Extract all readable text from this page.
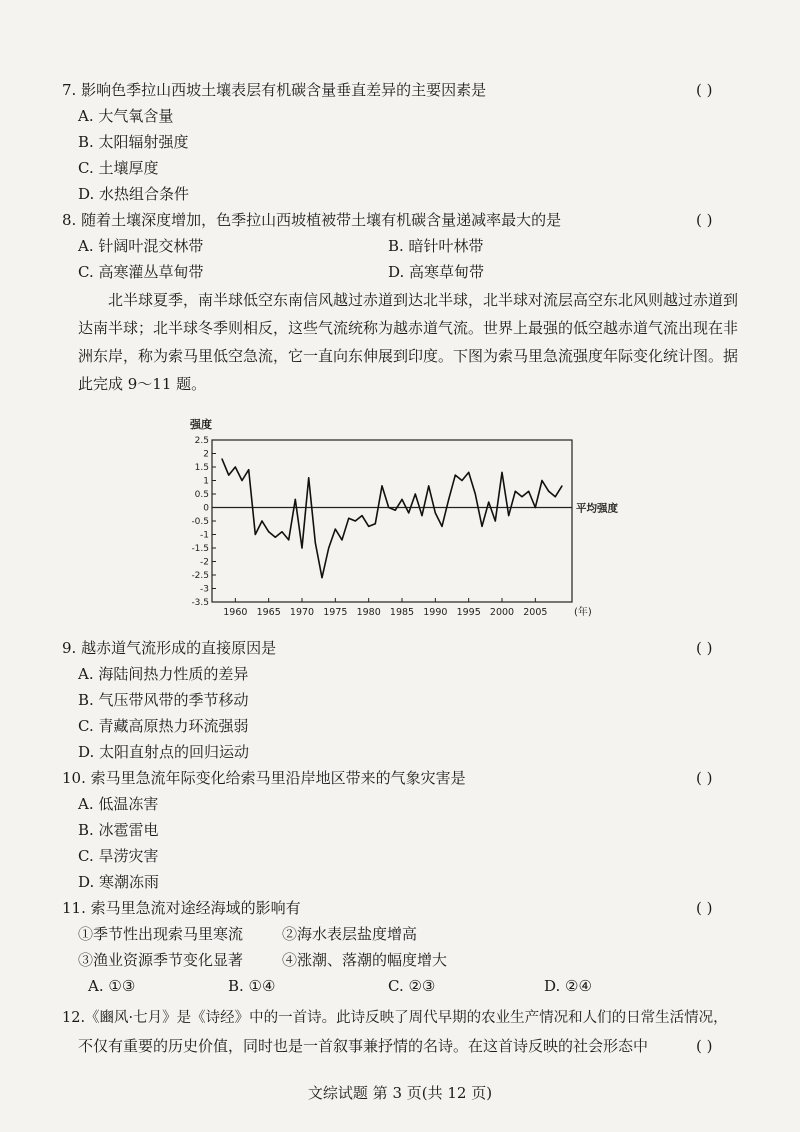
7. 影响色季拉山西坡土壤表层有机碳含量垂直差异的主要因素是	( )
A. 大气氧含量
B. 太阳辐射强度
C. 土壤厚度
D. 水热组合条件
8. 随着土壤深度增加，色季拉山西坡植被带土壤有机碳含量递减率最大的是	( )
A. 针阔叶混交林带	B. 暗针叶林带
C. 高寒灌丛草甸带	D. 高寒草甸带
北半球夏季，南半球低空东南信风越过赤道到达北半球，北半球对流层高空东北风则越过赤道到达南半球；北半球冬季则相反，这些气流统称为越赤道气流。世界上最强的低空越赤道气流出现在非洲东岸，称为索马里低空急流，它一直向东伸展到印度。下图为索马里急流强度年际变化统计图。据此完成 9～11 题。
2.5
2
1.5
1
0.5
0
-0.5
-1
-1.5
-2
-2.5
-3
-3.5
1960 1965 1970 1975 1980 1985 1990 1995 2000 2005
强度
(年)
平均强度
9. 越赤道气流形成的直接原因是	( )
A. 海陆间热力性质的差异
B. 气压带风带的季节移动
C. 青藏高原热力环流强弱
D. 太阳直射点的回归运动
10. 索马里急流年际变化给索马里沿岸地区带来的气象灾害是	( )
A. 低温冻害
B. 冰雹雷电
C. 旱涝灾害
D. 寒潮冻雨
11. 索马里急流对途经海域的影响有	( )
①季节性出现索马里寒流	②海水表层盐度增高
③渔业资源季节变化显著	④涨潮、落潮的幅度增大
A. ①③	B. ①④	C. ②③	D. ②④
12.《豳风·七月》是《诗经》中的一首诗。此诗反映了周代早期的农业生产情况和人们的日常生活情况，
不仅有重要的历史价值，同时也是一首叙事兼抒情的名诗。在这首诗反映的社会形态中	( )
文综试题 第 3 页(共 12 页)
